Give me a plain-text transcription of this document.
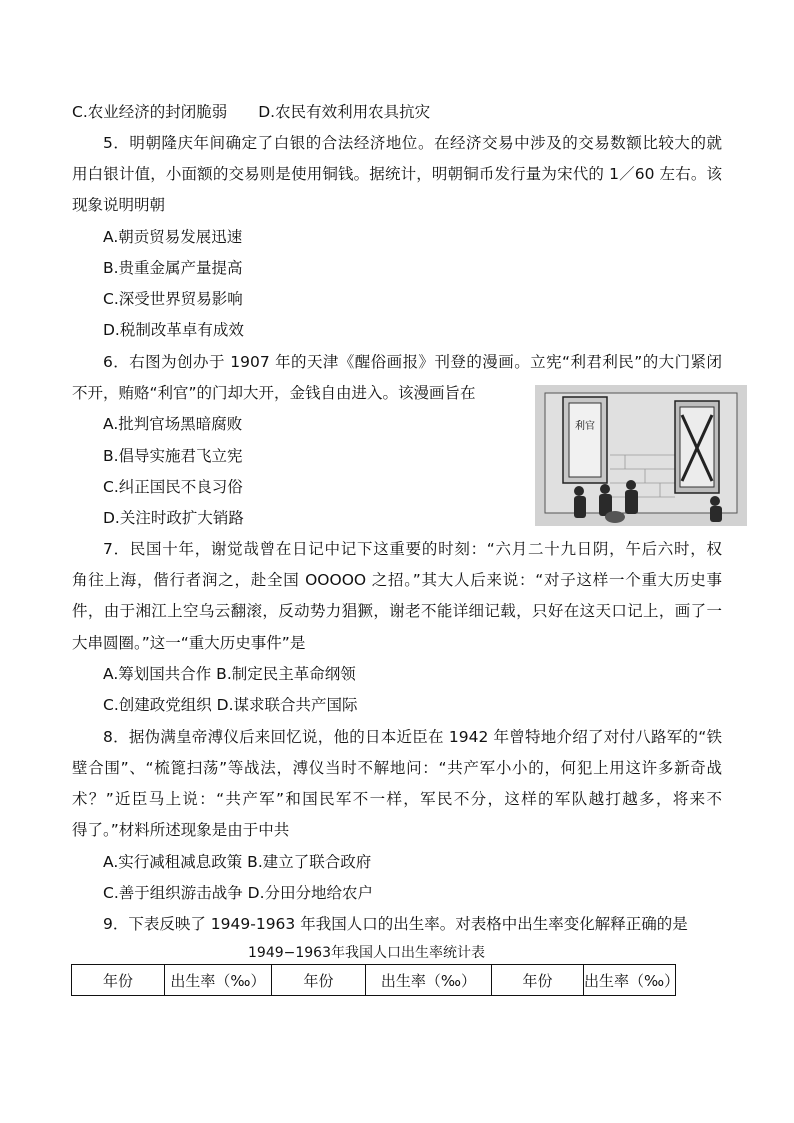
C.农业经济的封闭脆弱　　D.农民有效利用农具抗灾
5．明朝隆庆年间确定了白银的合法经济地位。在经济交易中涉及的交易数额比较大的就
用白银计值，小面额的交易则是使用铜钱。据统计，明朝铜币发行量为宋代的 1／60 左右。该
现象说明明朝
A.朝贡贸易发展迅速
B.贵重金属产量提高
C.深受世界贸易影响
D.税制改革卓有成效
6．右图为创办于 1907 年的天津《醒俗画报》刊登的漫画。立宪“利君利民”的大门紧闭
不开，贿赂“利官”的门却大开，金钱自由进入。该漫画旨在
A.批判官场黑暗腐败
B.倡导实施君飞立宪
C.纠正国民不良习俗
D.关注时政扩大销路
利官
7．民国十年，谢觉哉曾在日记中记下这重要的时刻：“六月二十九日阴，午后六时，权
角往上海，偕行者润之，赴全国 OOOOO 之招。”其大人后来说：“对子这样一个重大历史事
件，由于湘江上空乌云翻滚，反动势力猖獗，谢老不能详细记载，只好在这天口记上，画了一
大串圆圈。”这一“重大历史事件”是
A.筹划国共合作 B.制定民主革命纲领
C.创建政党组织 D.谋求联合共产国际
8．据伪满皇帝溥仪后来回忆说，他的日本近臣在 1942 年曾特地介绍了对付八路军的“铁
壁合围”、“梳篦扫荡”等战法，溥仪当时不解地问：“共产军小小的，何犯上用这许多新奇战
术？”近臣马上说：“共产军”和国民军不一样，军民不分，这样的军队越打越多，将来不
得了。”材料所述现象是由于中共
A.实行减租减息政策 B.建立了联合政府
C.善于组织游击战争 D.分田分地给农户
9．下表反映了 1949-1963 年我国人口的出生率。对表格中出生率变化解释正确的是
1949−1963年我国人口出生率统计表
年份	出生率（‰）	年份	出生率（‰）	年份	出生率（‰）
